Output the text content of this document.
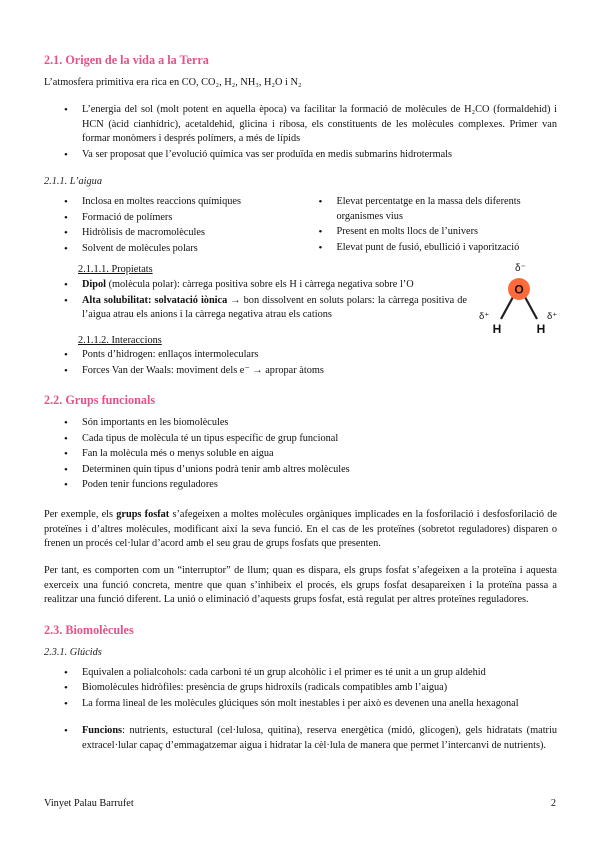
2.1. Origen de la vida a la Terra

L’atmosfera primitiva era rica en CO, CO₂, H₂, NH₃, H₂O i N₂

• L’energia del sol (molt potent en aquella època) va facilitar la formació de molècules de H₂CO (formaldehid) i HCN (àcid cianhídric), acetaldehid, glicina i ribosa, els constituents de les molècules complexes. Primer van formar monòmers i després polímers, a més de lípids
• Va ser proposat que l’evolució química vas ser produïda en medis submarins hidrotermals
2.1.1. L’aigua
• Inclosa en moltes reaccions químiques
• Formació de polímers
• Hidròlisis de macromolècules
• Solvent de molècules polars
• Elevat percentatge en la massa dels diferents organismes vius
• Present en molts llocs de l’univers
• Elevat punt de fusió, ebullició i vaporització

2.1.1.1. Propietats

• Dipol (molècula polar): càrrega positiva sobre els H i càrrega negativa sobre l’O
• Alta solubilitat: solvatació iònica → bon dissolvent en soluts polars: la càrrega positiva de l’aigua atrau els anions i la càrrega negativa atrau els cations
O
δ⁻
H	H
δ⁺	δ⁺

2.1.1.2. Interaccions

• Ponts d’hidrogen: enllaços intermoleculars
• Forces Van der Waals: moviment dels e⁻ → apropar àtoms
2.2. Grups funcionals
• Són importants en les biomolècules
• Cada tipus de molècula té un tipus específic de grup funcional
• Fan la molècula més o menys soluble en aigua
• Determinen quin tipus d’unions podrà tenir amb altres molècules
• Poden tenir funcions reguladores

Per exemple, els grups fosfat s’afegeixen a moltes molècules orgàniques implicades en la fosforilació i desfosforilació de proteïnes i d’altres molècules, modificant així la seva funció. En el cas de les proteïnes (sobretot reguladores) disparen o frenen un procés cel·lular d’acord amb el seu grau de grups fosfats que presenten.

Per tant, es comporten com un “interruptor” de llum; quan es dispara, els grups fosfat s’afegeixen a la proteïna i aquesta exerceix una funció concreta, mentre que quan s’inhibeix el procés, els grups fosfat desapareixen i la proteïna passa a realitzar una funció diferent. La unió o eliminació d’aquests grups fosfat, està regulat per altres proteïnes reguladores.

2.3. Biomolècules
2.3.1. Glúcids
• Equivalen a polialcohols: cada carboni té un grup alcohòlic i el primer es té unit a un grup aldehid
• Biomolècules hidròfiles: presència de grups hidroxils (radicals compatibles amb l’aigua)
• La forma lineal de les molècules glúciques són molt inestables i per això es devenen una anella hexagonal
• Funcions: nutrients, estuctural (cel·lulosa, quitina), reserva energètica (midó, glicogen), gels hidratats (matriu extracel·lular capaç d’emmagatzemar aigua i hidratar la cèl·lula de manera que permet l’intercanvi de nutrients).
Vinyet Palau Barrufet	2
